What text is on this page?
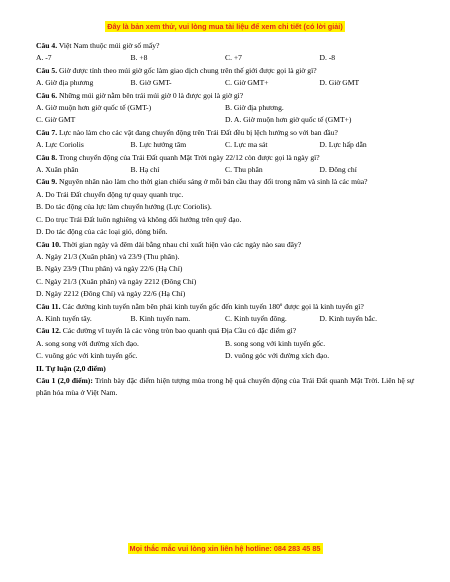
Đây là bản xem thử, vui lòng mua tài liệu để xem chi tiết (có lời giải)
Câu 4. Việt Nam thuộc múi giờ số mấy?
A. -7	B. +8	C. +7	D. -8
Câu 5. Giờ được tính theo múi giờ gốc làm giao dịch chung trên thế giới được gọi là giờ gì?
A. Giờ địa phương	B. Giờ GMT-	C. Giờ GMT+	D. Giờ GMT
Câu 6. Những múi giờ nằm bên trái múi giờ 0 là được gọi là giờ gì?
A. Giờ muộn hơn giờ quốc tế (GMT-)	B. Giờ địa phương.
C. Giờ GMT	D. A. Giờ muộn hơn giờ quốc tế (GMT+)
Câu 7. Lực nào làm cho các vật đang chuyển động trên Trái Đất đều bị lệch hướng so với ban đầu?
A. Lực Coriolis	B. Lực hướng tâm	C. Lực ma sát	D. Lực hấp dẫn
Câu 8. Trong chuyển động của Trái Đất quanh Mặt Trời ngày 22/12 còn được gọi là ngày gì?
A. Xuân phân	B. Hạ chí	C. Thu phân	D. Đông chí
Câu 9. Nguyên nhân nào làm cho thời gian chiếu sáng ở mỗi bán cầu thay đổi trong năm và sinh là các mùa?
A. Do Trái Đất chuyển động tự quay quanh trục.
B. Do tác động của lực làm chuyển hướng (Lực Coriolis).
C. Do trục Trái Đất luôn nghiêng và không đổi hướng trên quỹ đạo.
D. Do tác động của các loại gió, dòng biển.
Câu 10. Thời gian ngày và đêm dài bằng nhau chỉ xuất hiện vào các ngày nào sau đây?
A. Ngày 21/3 (Xuân phân) và 23/9 (Thu phân).
B. Ngày 23/9 (Thu phân) và ngày 22/6 (Hạ Chí)
C. Ngày 21/3 (Xuân phân) và ngày 2212 (Đông Chí)
D. Ngày 2212 (Đông Chí) và ngày 22/6 (Hạ Chí)
Câu 11. Các đường kinh tuyến nằm bên phải kinh tuyến gốc đến kinh tuyến 180º được gọi là kinh tuyến gì?
A. Kinh tuyến tây.	B. Kinh tuyến nam.	C. Kinh tuyến đông.	D. Kinh tuyến bắc.
Câu 12. Các đường vĩ tuyến là các vòng tròn bao quanh quả Địa Cầu có đặc điểm gì?
A. song song với đường xích đạo.	B. song song với kinh tuyến gốc.
C. vuông góc với kinh tuyến gốc.	D. vuông góc với đường xích đạo.
II. Tự luận (2,0 điểm)
Câu 1 (2,0 điểm): Trình bày đặc điểm hiện tượng mùa trong hệ quả chuyển động của Trái Đất quanh Mặt Trời. Liên hệ sự phân hóa mùa ở Việt Nam.
Mọi thắc mắc vui lòng xin liên hệ hotline: 084 283 45 85
